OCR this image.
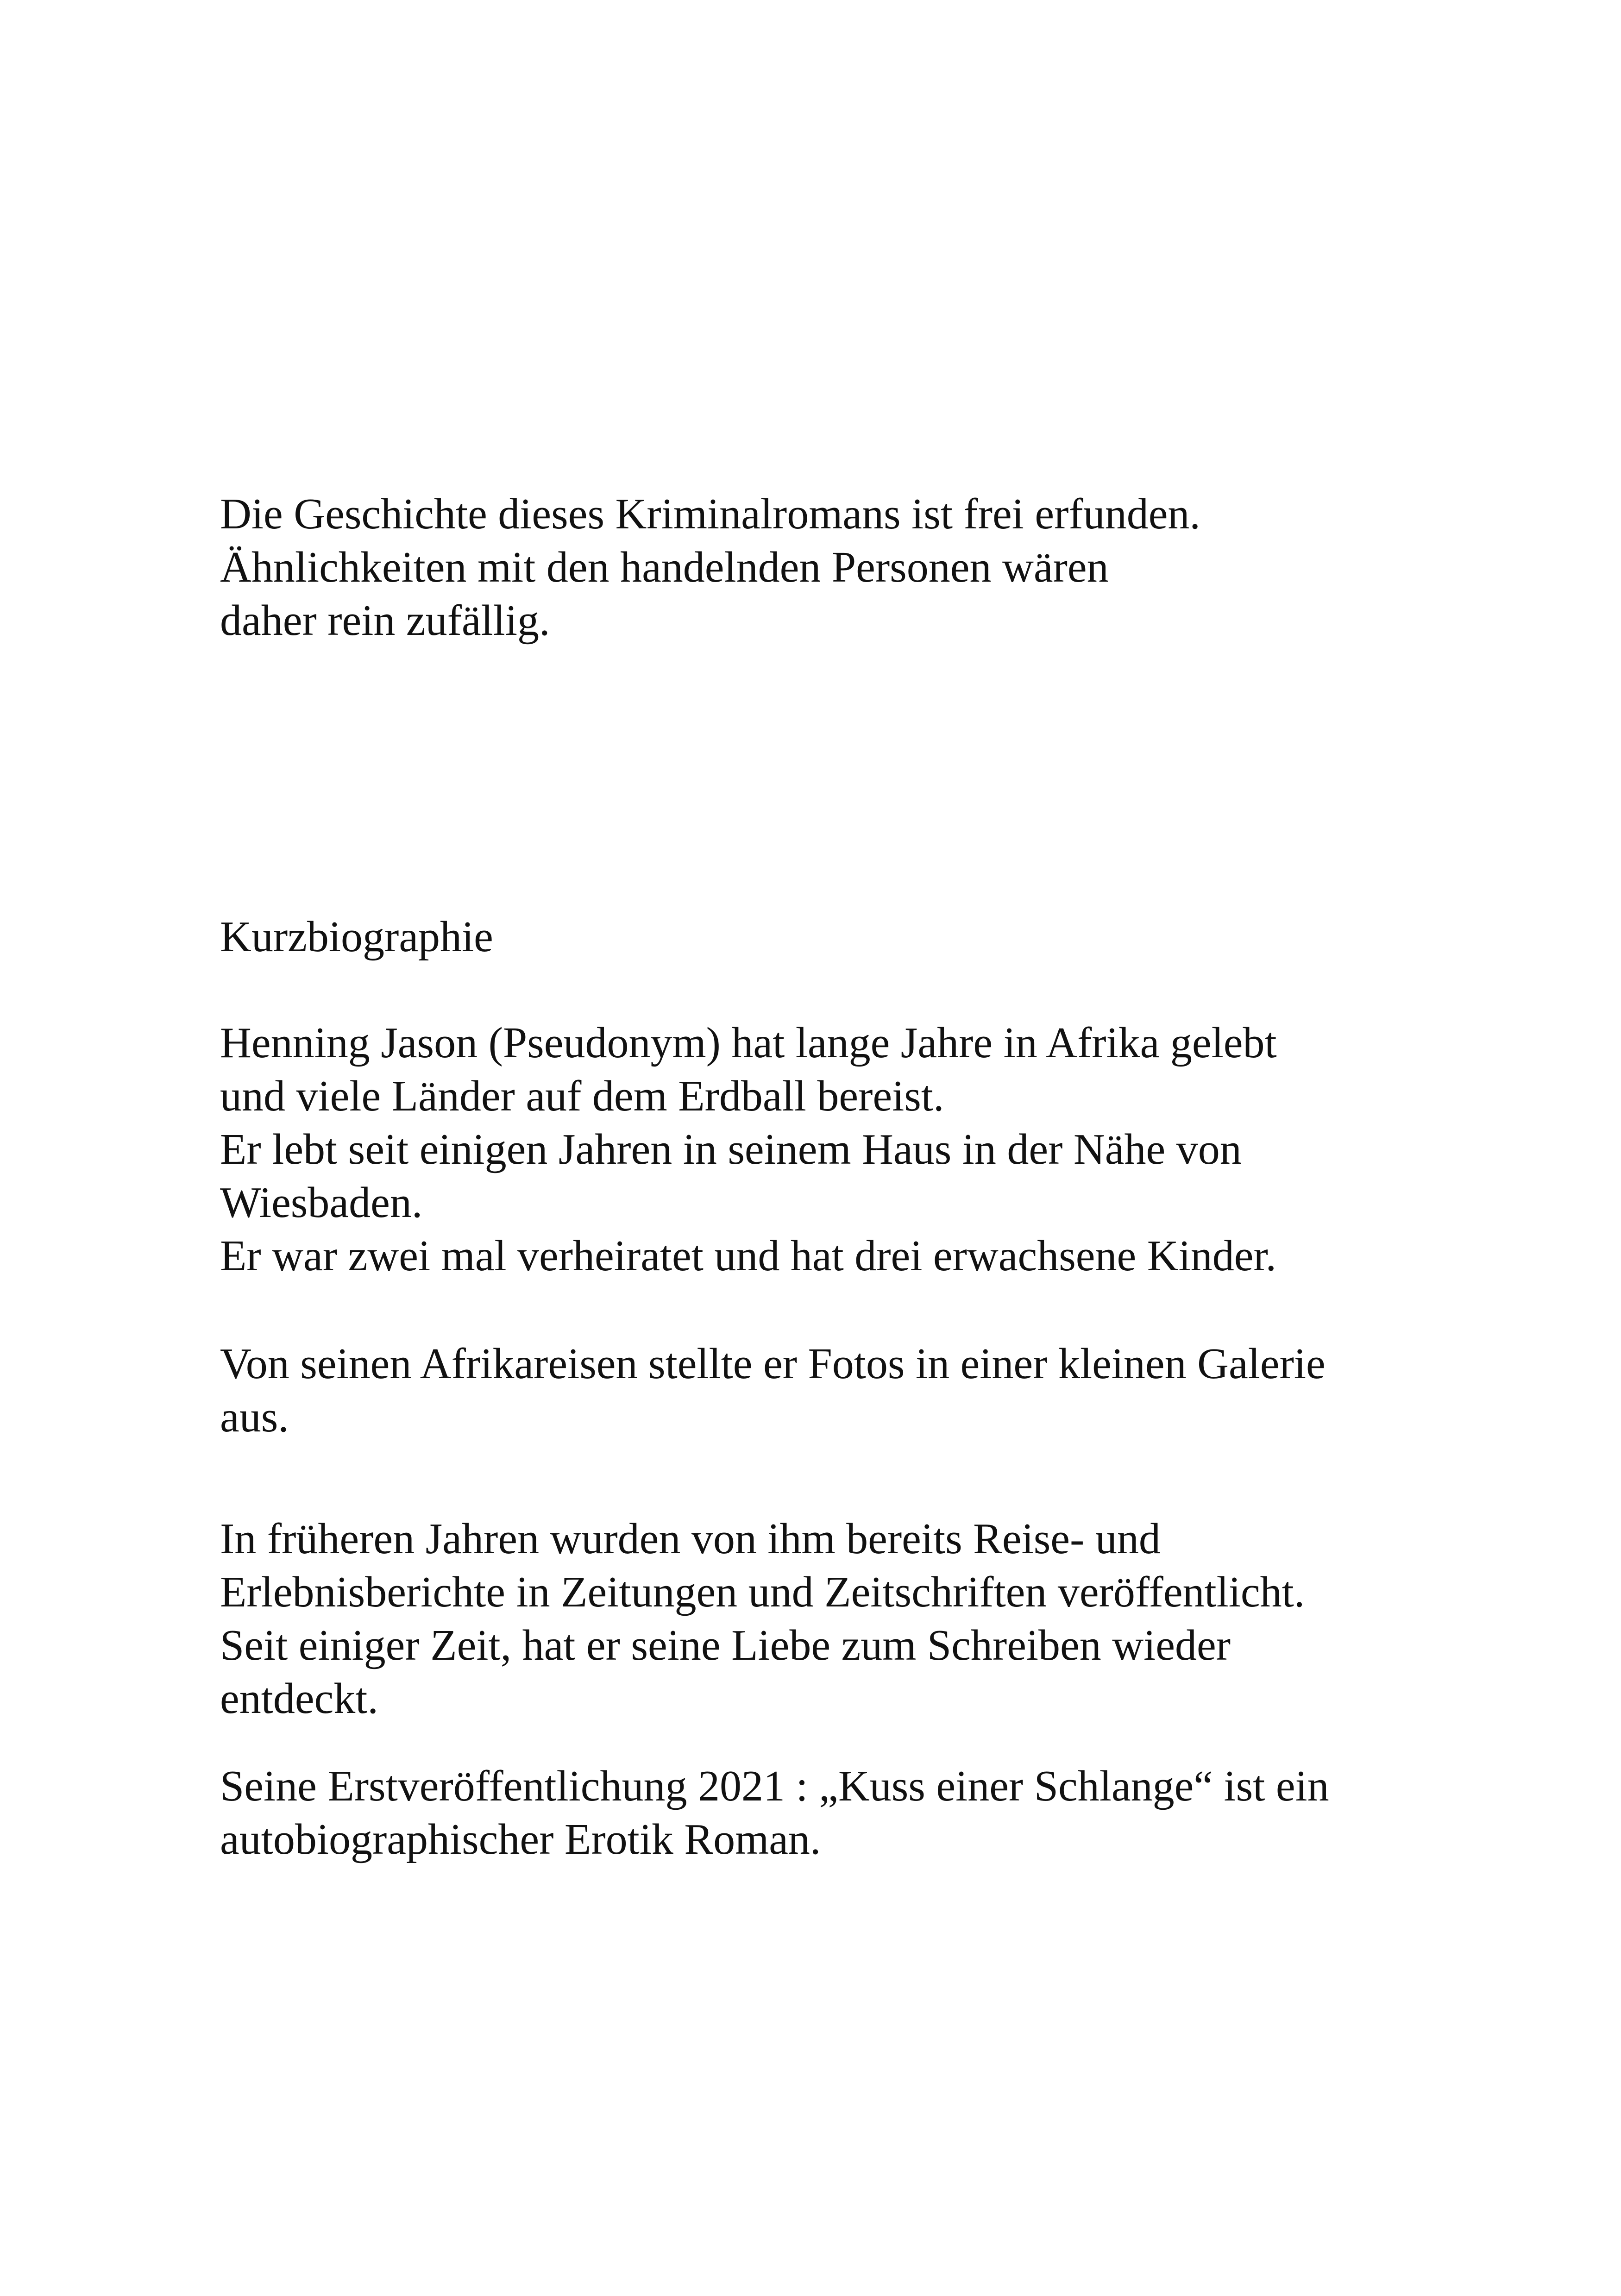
Die Geschichte dieses Kriminalromans ist frei erfunden.
Ähnlichkeiten mit den handelnden Personen wären
daher rein zufällig.
Kurzbiographie
Henning Jason (Pseudonym) hat lange Jahre in Afrika gelebt
und viele Länder auf dem Erdball bereist.
Er lebt seit einigen Jahren in seinem Haus in der Nähe von
Wiesbaden.
Er war zwei mal verheiratet und hat drei erwachsene Kinder.
Von seinen Afrikareisen stellte er Fotos in einer kleinen Galerie
aus.
In früheren Jahren wurden von ihm bereits Reise- und
Erlebnisberichte in Zeitungen und Zeitschriften veröffentlicht.
Seit einiger Zeit, hat er seine Liebe zum Schreiben wieder
entdeckt.
Seine Erstveröffentlichung 2021 : „Kuss einer Schlange“ ist ein
autobiographischer Erotik Roman.
